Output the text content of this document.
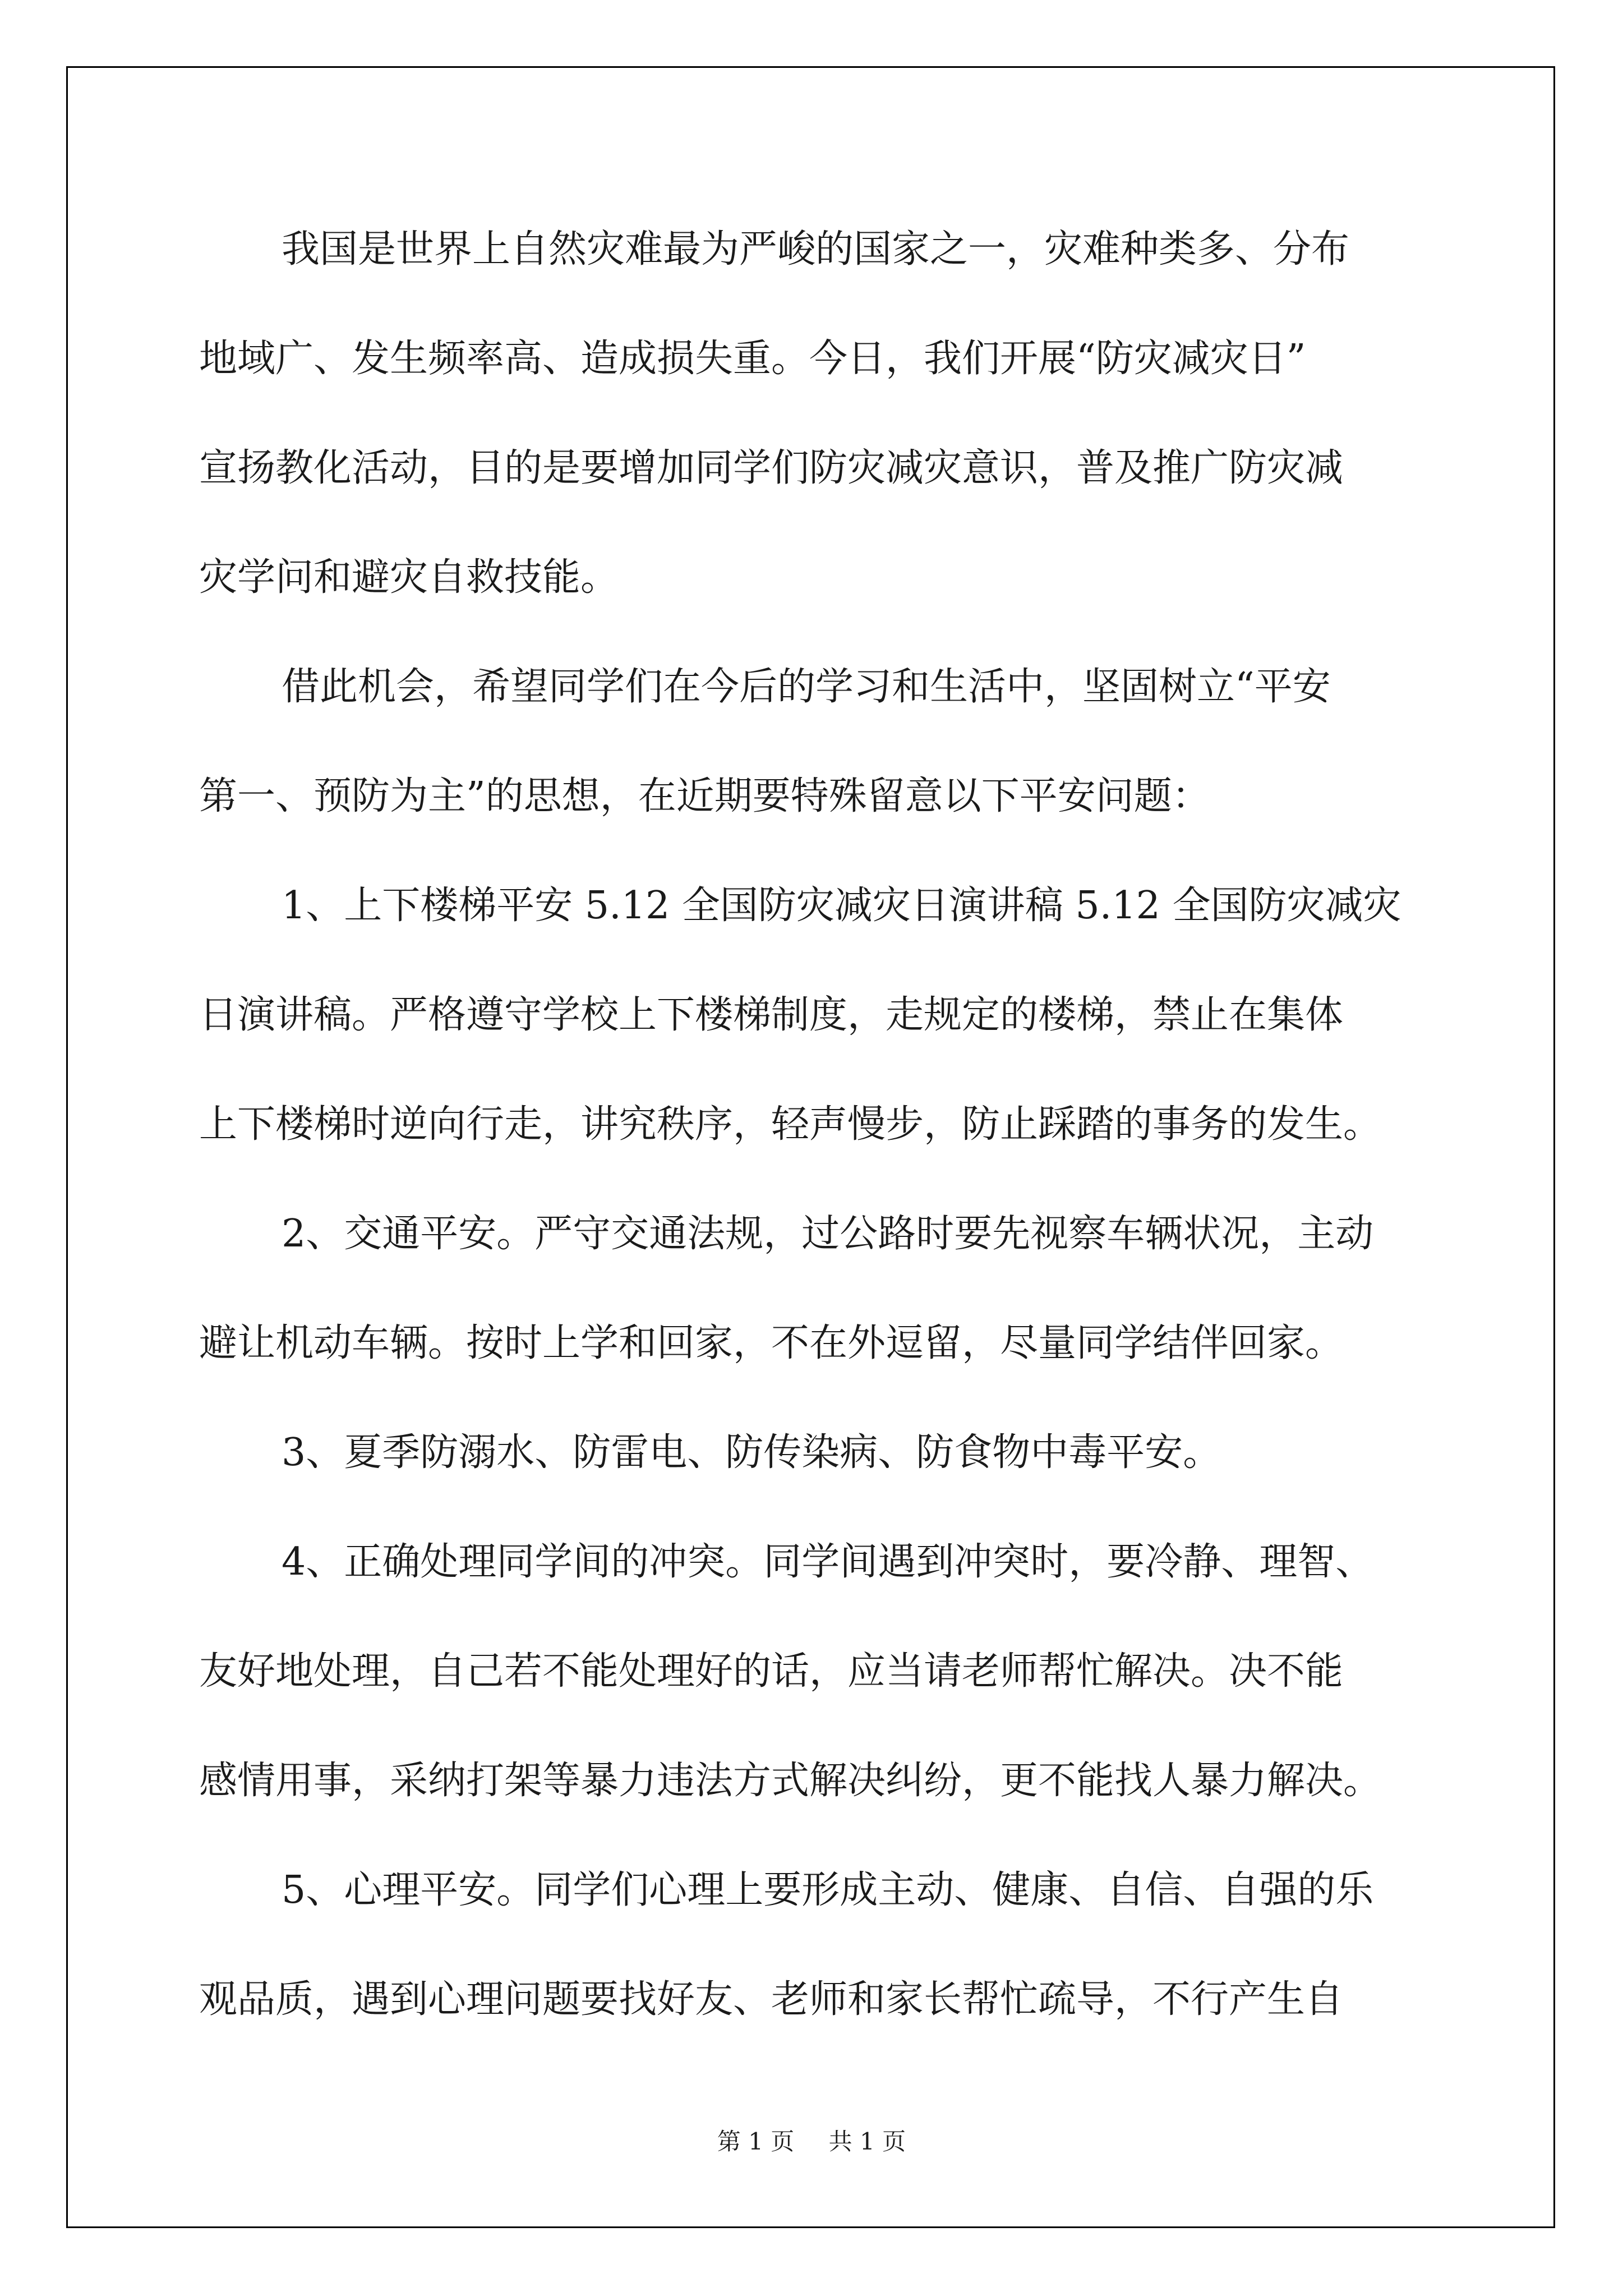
我国是世界上自然灾难最为严峻的国家之一，灾难种类多、分布

地域广、发生频率高、造成损失重。今日，我们开展“防灾减灾日”

宣扬教化活动，目的是要增加同学们防灾减灾意识，普及推广防灾减

灾学问和避灾自救技能。

借此机会，希望同学们在今后的学习和生活中，坚固树立“平安

第一、预防为主”的思想，在近期要特殊留意以下平安问题：

1、上下楼梯平安 5.12 全国防灾减灾日演讲稿 5.12 全国防灾减灾

日演讲稿。严格遵守学校上下楼梯制度，走规定的楼梯，禁止在集体

上下楼梯时逆向行走，讲究秩序，轻声慢步，防止踩踏的事务的发生。

2、交通平安。严守交通法规，过公路时要先视察车辆状况，主动

避让机动车辆。按时上学和回家，不在外逗留，尽量同学结伴回家。

3、夏季防溺水、防雷电、防传染病、防食物中毒平安。

4、正确处理同学间的冲突。同学间遇到冲突时，要冷静、理智、

友好地处理，自己若不能处理好的话，应当请老师帮忙解决。决不能

感情用事，采纳打架等暴力违法方式解决纠纷，更不能找人暴力解决。

5、心理平安。同学们心理上要形成主动、健康、自信、自强的乐

观品质，遇到心理问题要找好友、老师和家长帮忙疏导，不行产生自

第 1 页 共 1 页
